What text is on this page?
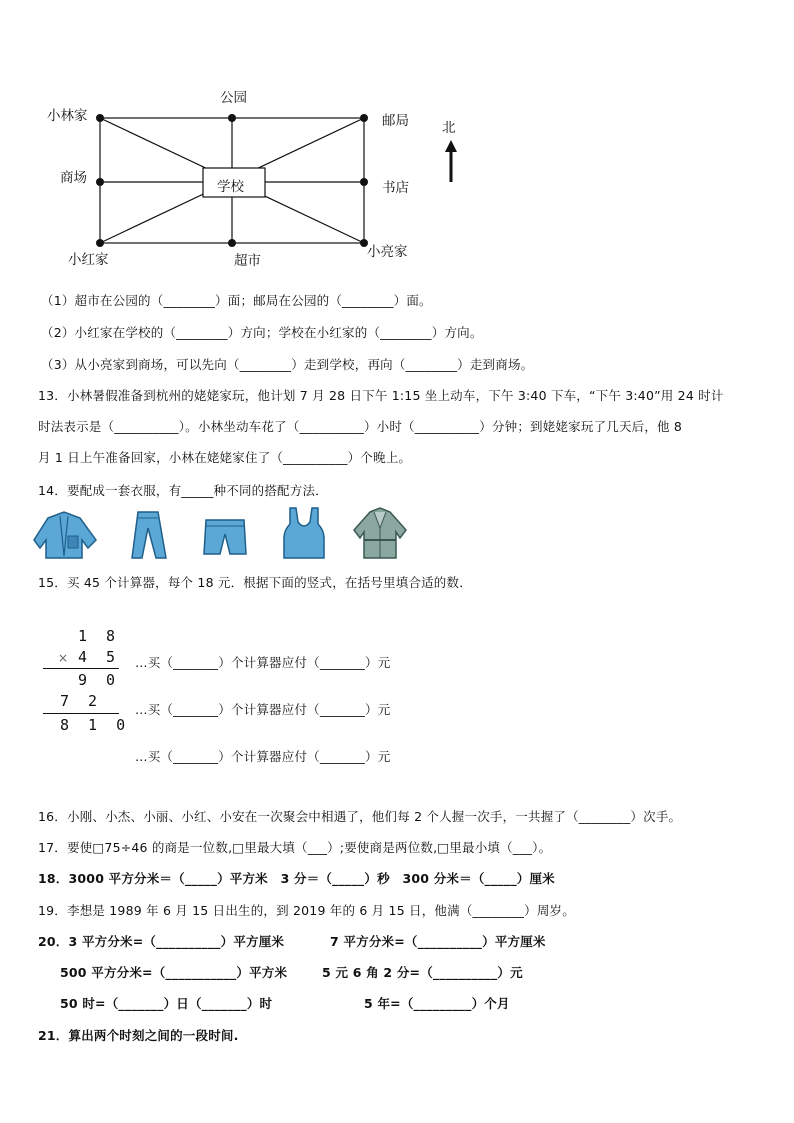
公园
小林家	邮局 北
商场
学校	书店
小红家	超市
小亮家
（1）超市在公园的（________）面；邮局在公园的（________）面。
（2）小红家在学校的（________）方向；学校在小红家的（________）方向。
（3）从小亮家到商场，可以先向（________）走到学校，再向（________）走到商场。
13．小林暑假准备到杭州的姥姥家玩，他计划 7 月 28 日下午 1:15 坐上动车，下午 3:40 下车，“下午 3:40”用 24 时计
时法表示是（__________）。小林坐动车花了（__________）小时（__________）分钟；到姥姥家玩了几天后，他 8
月 1 日上午准备回家，小林在姥姥家住了（__________）个晚上。
14．要配成一套衣服，有_____种不同的搭配方法．
15．买 45 个计算器，每个 18 元．根据下面的竖式，在括号里填合适的数．
1 8
× 4 5
9 0
7 2
8 1 0
…买（_______）个计算器应付（_______）元
…买（_______）个计算器应付（_______）元
…买（_______）个计算器应付（_______）元
16．小刚、小杰、小丽、小红、小安在一次聚会中相遇了，他们每 2 个人握一次手，一共握了（________）次手。
17．要使□75÷46 的商是一位数,□里最大填（___）;要使商是两位数,□里最小填（___）。
18．3000 平方分米＝（_____）平方米　3 分＝（_____）秒　300 分米＝（_____）厘米
19．李想是 1989 年 6 月 15 日出生的，到 2019 年的 6 月 15 日，他满（________）周岁。
20．3 平方分米=（__________）平方厘米	7 平方分米=（__________）平方厘米
500 平方分米=（___________）平方米	5 元 6 角 2 分=（__________）元
50 时=（_______）日（_______）时	5 年=（_________）个月
21．算出两个时刻之间的一段时间.
